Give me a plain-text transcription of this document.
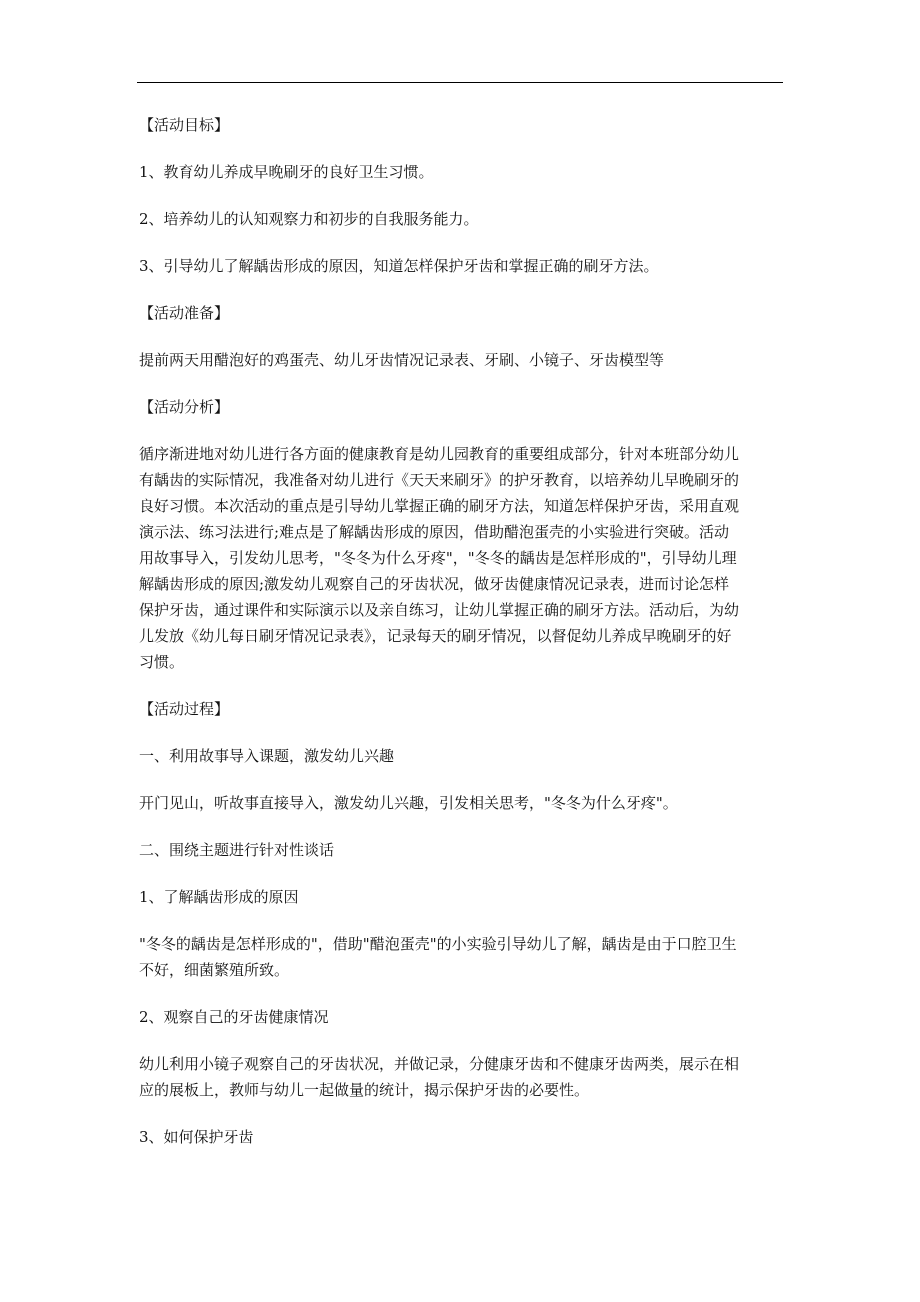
【活动目标】

1、教育幼儿养成早晚刷牙的良好卫生习惯。

2、培养幼儿的认知观察力和初步的自我服务能力。

3、引导幼儿了解龋齿形成的原因，知道怎样保护牙齿和掌握正确的刷牙方法。

【活动准备】

提前两天用醋泡好的鸡蛋壳、幼儿牙齿情况记录表、牙刷、小镜子、牙齿模型等

【活动分析】

循序渐进地对幼儿进行各方面的健康教育是幼儿园教育的重要组成部分，针对本班部分幼儿
有龋齿的实际情况，我准备对幼儿进行《天天来刷牙》的护牙教育，以培养幼儿早晚刷牙的
良好习惯。本次活动的重点是引导幼儿掌握正确的刷牙方法，知道怎样保护牙齿，采用直观
演示法、练习法进行;难点是了解龋齿形成的原因，借助醋泡蛋壳的小实验进行突破。活动
用故事导入，引发幼儿思考，"冬冬为什么牙疼"，"冬冬的龋齿是怎样形成的"，引导幼儿理
解龋齿形成的原因;激发幼儿观察自己的牙齿状况，做牙齿健康情况记录表，进而讨论怎样
保护牙齿，通过课件和实际演示以及亲自练习，让幼儿掌握正确的刷牙方法。活动后，为幼
儿发放《幼儿每日刷牙情况记录表》，记录每天的刷牙情况，以督促幼儿养成早晚刷牙的好
习惯。

【活动过程】

一、利用故事导入课题，激发幼儿兴趣

开门见山，听故事直接导入，激发幼儿兴趣，引发相关思考，"冬冬为什么牙疼"。

二、围绕主题进行针对性谈话

1、了解龋齿形成的原因

"冬冬的龋齿是怎样形成的"，借助"醋泡蛋壳"的小实验引导幼儿了解，龋齿是由于口腔卫生
不好，细菌繁殖所致。

2、观察自己的牙齿健康情况

幼儿利用小镜子观察自己的牙齿状况，并做记录，分健康牙齿和不健康牙齿两类，展示在相
应的展板上，教师与幼儿一起做量的统计，揭示保护牙齿的必要性。

3、如何保护牙齿
